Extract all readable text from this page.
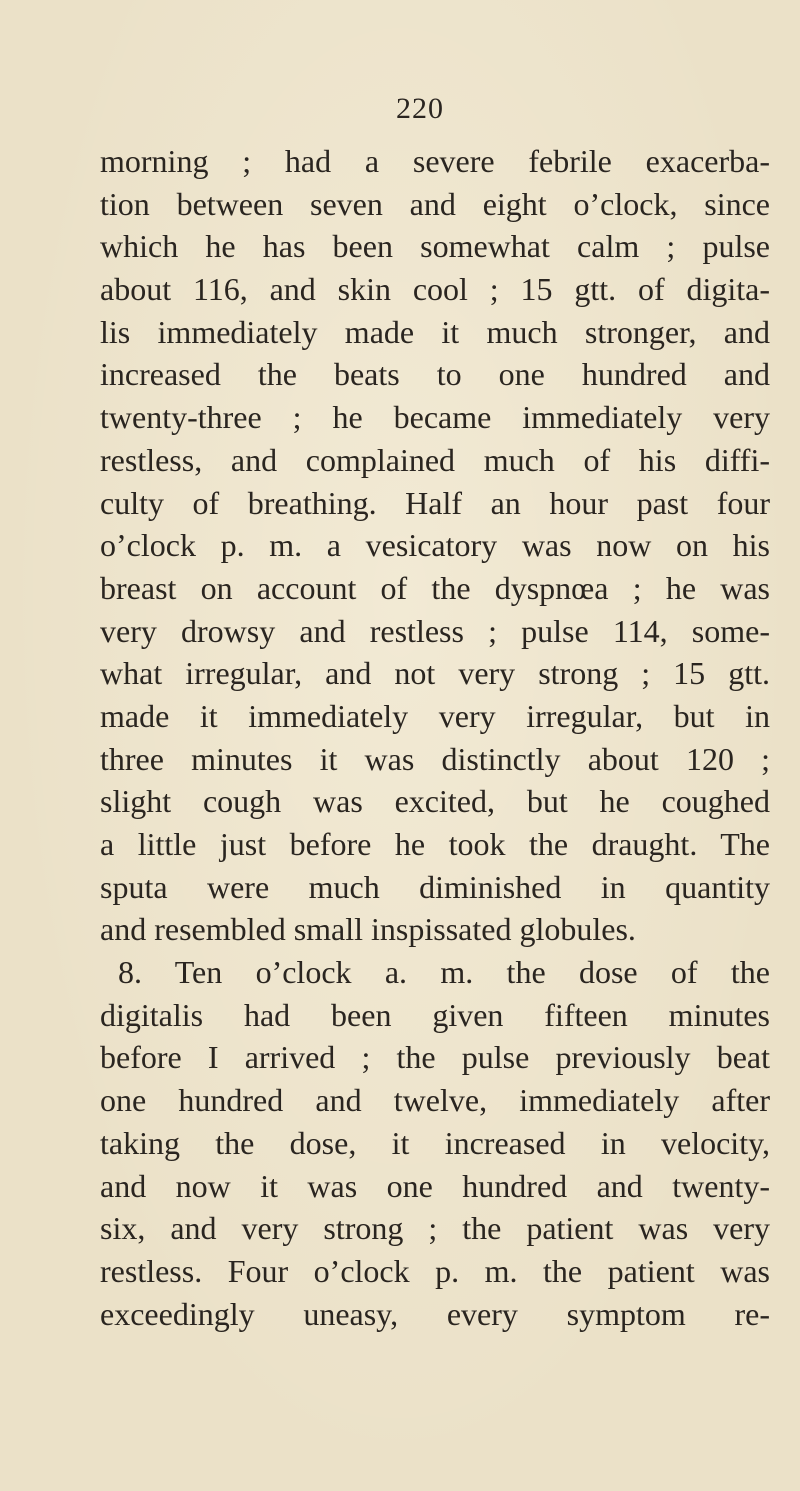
220
morning ; had a severe febrile exacerba-
tion between seven and eight o’clock, since
which he has been somewhat calm ; pulse
about 116, and skin cool ; 15 gtt. of digita-
lis immediately made it much stronger, and
increased the beats to one hundred and
twenty-three ; he became immediately very
restless, and complained much of his diffi-
culty of breathing. Half an hour past four
o’clock p. m. a vesicatory was now on his
breast on account of the dyspnœa ; he was
very drowsy and restless ; pulse 114, some-
what irregular, and not very strong ; 15 gtt.
made it immediately very irregular, but in
three minutes it was distinctly about 120 ;
slight cough was excited, but he coughed
a little just before he took the draught. The
sputa were much diminished in quantity
and resembled small inspissated globules.
8. Ten o’clock a. m. the dose of the
digitalis had been given fifteen minutes
before I arrived ; the pulse previously beat
one hundred and twelve, immediately after
taking the dose, it increased in velocity,
and now it was one hundred and twenty-
six, and very strong ; the patient was very
restless. Four o’clock p. m. the patient was
exceedingly uneasy, every symptom re-
